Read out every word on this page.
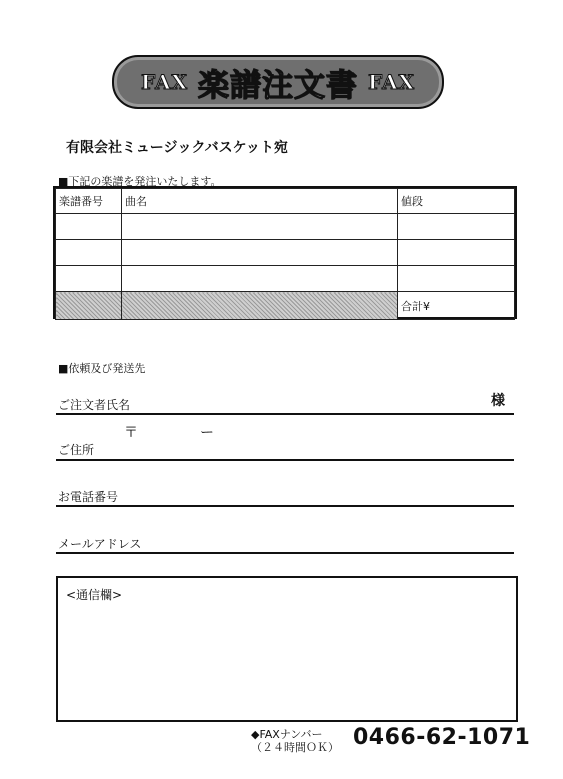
FAX 楽譜注文書 FAX
有限会社ミュージックバスケット宛
■下記の楽譜を発注いたします。
楽譜番号	曲名	値段

		合計¥
■依頼及び発送先
ご注文者氏名	様
〒	ー
ご住所
お電話番号
メールアドレス
<通信欄>
◆FAXナンバー
（２４時間ＯＫ） 0466-62-1071
